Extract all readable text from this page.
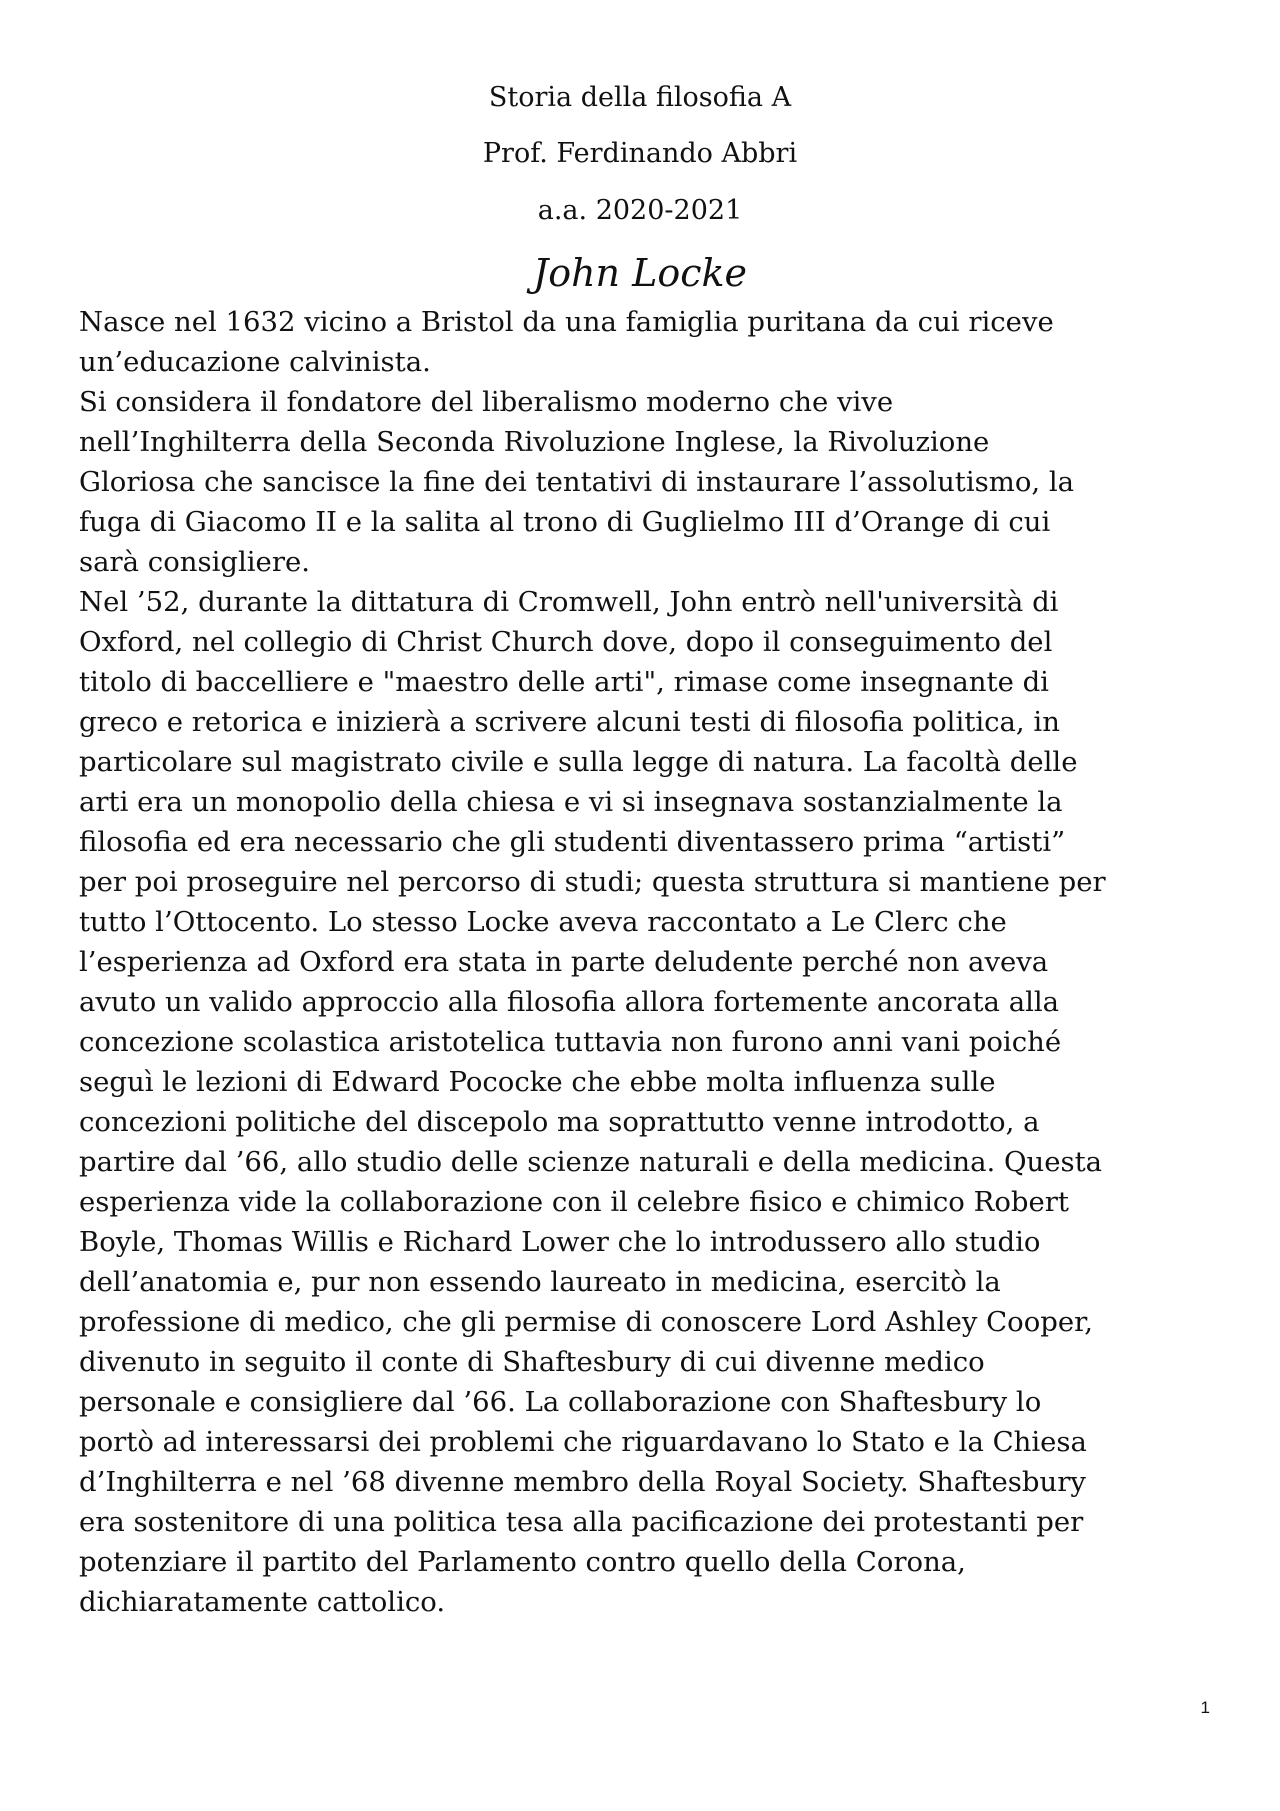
Storia della filosofia A
Prof. Ferdinando Abbri
a.a. 2020-2021
John Locke
Nasce nel 1632 vicino a Bristol da una famiglia puritana da cui riceve
un’educazione calvinista.
Si considera il fondatore del liberalismo moderno che vive
nell’Inghilterra della Seconda Rivoluzione Inglese, la Rivoluzione
Gloriosa che sancisce la fine dei tentativi di instaurare l’assolutismo, la
fuga di Giacomo II e la salita al trono di Guglielmo III d’Orange di cui
sarà consigliere.
Nel ’52, durante la dittatura di Cromwell, John entrò nell'università di
Oxford, nel collegio di Christ Church dove, dopo il conseguimento del
titolo di baccelliere e "maestro delle arti", rimase come insegnante di
greco e retorica e inizierà a scrivere alcuni testi di filosofia politica, in
particolare sul magistrato civile e sulla legge di natura. La facoltà delle
arti era un monopolio della chiesa e vi si insegnava sostanzialmente la
filosofia ed era necessario che gli studenti diventassero prima “artisti”
per poi proseguire nel percorso di studi; questa struttura si mantiene per
tutto l’Ottocento. Lo stesso Locke aveva raccontato a Le Clerc che
l’esperienza ad Oxford era stata in parte deludente perché non aveva
avuto un valido approccio alla filosofia allora fortemente ancorata alla
concezione scolastica aristotelica tuttavia non furono anni vani poiché
seguì le lezioni di Edward Pococke che ebbe molta influenza sulle
concezioni politiche del discepolo ma soprattutto venne introdotto, a
partire dal ’66, allo studio delle scienze naturali e della medicina. Questa
esperienza vide la collaborazione con il celebre fisico e chimico Robert
Boyle, Thomas Willis e Richard Lower che lo introdussero allo studio
dell’anatomia e, pur non essendo laureato in medicina, esercitò la
professione di medico, che gli permise di conoscere Lord Ashley Cooper,
divenuto in seguito il conte di Shaftesbury di cui divenne medico
personale e consigliere dal ’66. La collaborazione con Shaftesbury lo
portò ad interessarsi dei problemi che riguardavano lo Stato e la Chiesa
d’Inghilterra e nel ’68 divenne membro della Royal Society. Shaftesbury
era sostenitore di una politica tesa alla pacificazione dei protestanti per
potenziare il partito del Parlamento contro quello della Corona,
dichiaratamente cattolico.
1
